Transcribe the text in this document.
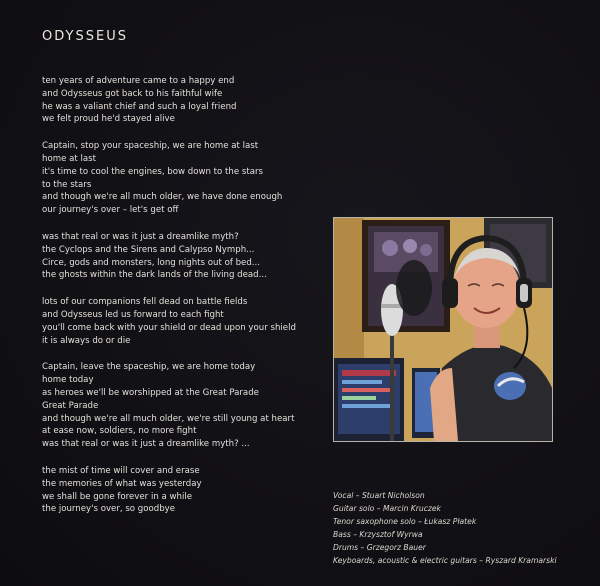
ODYSSEUS
ten years of adventure came to a happy end
and Odysseus got back to his faithful wife
he was a valiant chief and such a loyal friend
we felt proud he'd stayed alive
Captain, stop your spaceship, we are home at last
home at last
it's time to cool the engines, bow down to the stars
to the stars
and though we're all much older, we have done enough
our journey's over – let's get off
was that real or was it just a dreamlike myth?
the Cyclops and the Sirens and Calypso Nymph...
Circe, gods and monsters, long nights out of bed...
the ghosts within the dark lands of the living dead...
lots of our companions fell dead on battle fields
and Odysseus led us forward to each fight
you'll come back with your shield or dead upon your shield
it is always do or die
Captain, leave the spaceship, we are home today
home today
as heroes we'll be worshipped at the Great Parade
Great Parade
and though we're all much older, we're still young at heart
at ease now, soldiers, no more fight
was that real or was it just a dreamlike myth? ...
the mist of time will cover and erase
the memories of what was yesterday
we shall be gone forever in a while
the journey's over, so goodbye
Vocal – Stuart Nicholson
Guitar solo – Marcin Kruczek
Tenor saxophone solo – Łukasz Płatek
Bass – Krzysztof Wyrwa
Drums – Grzegorz Bauer
Keyboards, acoustic & electric guitars – Ryszard Kramarski
